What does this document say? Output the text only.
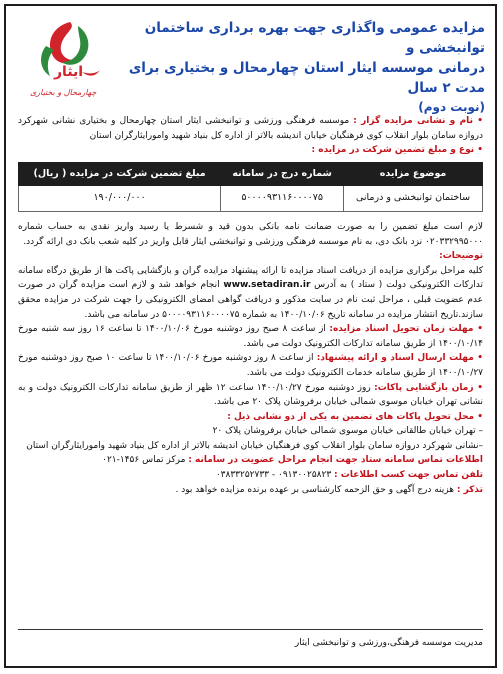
ایثار
چهارمحال و بختیاری
مزایده عمومی واگذاری جهت بهره برداری ساختمان توانبخشی و
درمانی موسسه ایثار استان چهارمحال و بختیاری برای مدت ۲ سال
(نوبت دوم)

• نام و نشانی مزایده گزار : موسسه فرهنگی ورزشی و توانبخشی ایثار استان چهارمحال و بختیاری نشانی شهرکرد دروازه سامان بلوار انقلاب کوی فرهنگیان خیابان اندیشه بالاتر از اداره کل بنیاد شهید وامورایثارگران استان

• نوع و مبلغ تضمین شرکت در مزایده :

موضوع مزایده	شماره درج در سامانه	مبلغ تضمین شرکت در مزایده ( ریال)
ساختمان توانبخشی و درمانی	۵۰۰۰۰۹۳۱۱۶۰۰۰۰۷۵	۱۹۰/۰۰۰/۰۰۰

لازم است مبلغ تضمین را به صورت ضمانت نامه بانکی بدون قید و شسرط یا رسید واریز نقدی به حساب شماره ۰۲۰۳۳۲۹۹۵۰۰۰ نزد بانک دی، به نام موسسه فرهنگی ورزشی و توانبخشی ایثار قابل واریز در کلیه شعب بانک دی ارائه گردد.

توضیحات:

کلیه مراحل برگزاری مزایده از دریافت اسناد مزایده تا ارائه پیشنهاد مزایده گران و بازگشایی پاکت ها از طریق درگاه سامانه تدارکات الکترونیکی دولت ( ستاد ) به آدرس www.setadiran.ir انجام خواهد شد و لازم است مزایده گران در صورت عدم عضویت قبلی ، مراحل ثبت نام در سایت مذکور و دریافت گواهی امضای الکترونیکی را جهت شرکت در مزایده محقق سازند.تاریخ انتشار مزایده در سامانه تاریخ ۱۴۰۰/۱۰/۰۶ به شماره ۵۰۰۰۰۹۳۱۱۶۰۰۰۰۷۵ در سامانه می باشد.

• مهلت زمان تحویل اسناد مزایده: از ساعت ۸ صبح روز دوشنبه مورخ ۱۴۰۰/۱۰/۰۶ تا ساعت ۱۶ روز سه شنبه مورخ ۱۴۰۰/۱۰/۱۴ از طریق سامانه تدارکات الکترونیک دولت می باشد.

• مهلت ارسال اسناد و ارائه پیشنهاد: از ساعت ۸ روز دوشنبه مورخ ۱۴۰۰/۱۰/۰۶ تا ساعت ۱۰ صبح روز دوشنبه مورخ ۱۴۰۰/۱۰/۲۷ از طریق سامانه خدمات الکترونیک دولت می باشد.

• زمان بازگشایی پاکات: روز دوشنبه مورخ ۱۴۰۰/۱۰/۲۷ ساعت ۱۲ ظهر از طریق سامانه تدارکات الکترونیک دولت و به نشانی تهران خیابان موسوی شمالی خیابان برفروشان پلاک ۲۰ می باشد.

• محل تحویل پاکات های تضمین به یکی از دو نشانی ذیل :

– تهران خیابان طالقانی خیابان موسوی شمالی خیابان برفروشان پلاک ۲۰

–نشانی شهرکرد دروازه سامان بلوار انقلاب کوی فرهنگیان خیابان اندیشه بالاتر از اداره کل بنیاد شهید وامورایثارگران استان

اطلاعات تماس سامانه ستاد جهت انجام مراحل عضویت در سامانه : مرکز تماس ۱۴۵۶-۰۲۱

تلفن تماس جهت کسب اطلاعات : ۰۹۱۳۰۰۲۵۸۲۳ - ۰۳۸۳۳۲۵۲۷۳۳

تذکر : هزینه درج آگهی و حق الزحمه کارشناسی بر عهده برنده مزایده خواهد بود .

مدیریت موسسه فرهنگی،ورزشی و توانبخشی ایثار
